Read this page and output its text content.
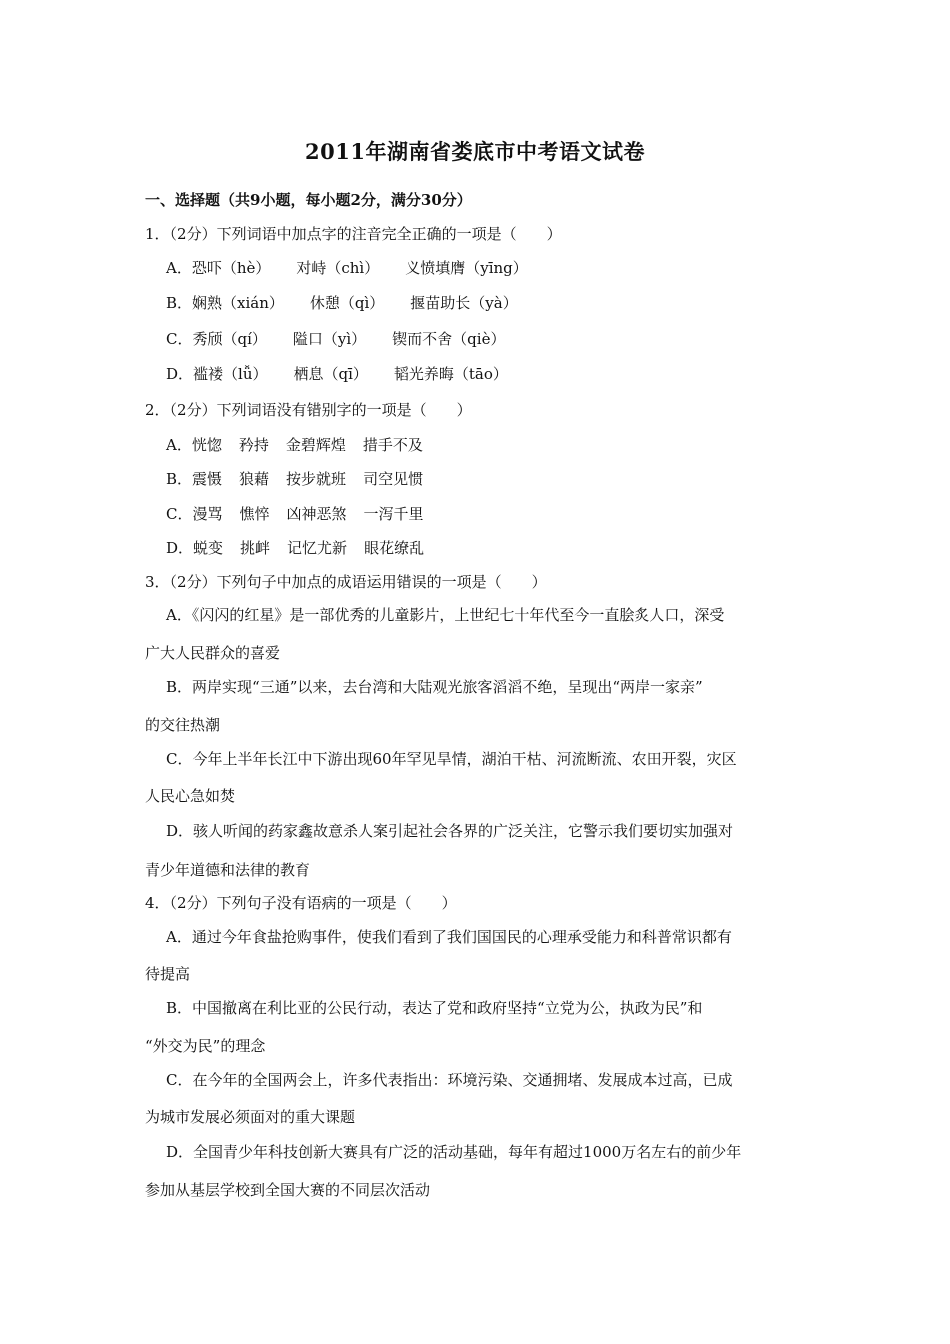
2011年湖南省娄底市中考语文试卷
一、选择题（共9小题，每小题2分，满分30分）
1．（2分）下列词语中加点字的注音完全正确的一项是（　　）
A．恐吓（hè） 对峙（chì） 义愤填膺（yīng）
B．娴熟（xián） 休憩（qì） 揠苗助长（yà）
C．秀颀（qí） 隘口（yì） 锲而不舍（qiè）
D．褴褛（lǚ） 栖息（qī） 韬光养晦（tāo）
2．（2分）下列词语没有错别字的一项是（　　）
A．恍惚 矜持 金碧辉煌 措手不及
B．震慑 狼藉 按步就班 司空见惯
C．漫骂 憔悴 凶神恶煞 一泻千里
D．蜕变 挑衅 记忆尤新 眼花缭乱
3．（2分）下列句子中加点的成语运用错误的一项是（　　）
A．《闪闪的红星》是一部优秀的儿童影片，上世纪七十年代至今一直脍炙人口，深受
广大人民群众的喜爱
B．两岸实现“三通”以来，去台湾和大陆观光旅客滔滔不绝，呈现出“两岸一家亲”
的交往热潮
C．今年上半年长江中下游出现60年罕见旱情，湖泊干枯、河流断流、农田开裂，灾区
人民心急如焚
D．骇人听闻的药家鑫故意杀人案引起社会各界的广泛关注，它警示我们要切实加强对
青少年道德和法律的教育
4．（2分）下列句子没有语病的一项是（　　）
A．通过今年食盐抢购事件，使我们看到了我们国国民的心理承受能力和科普常识都有
待提高
B．中国撤离在利比亚的公民行动，表达了党和政府坚持“立党为公，执政为民”和
“外交为民”的理念
C．在今年的全国两会上，许多代表指出：环境污染、交通拥堵、发展成本过高，已成
为城市发展必须面对的重大课题
D．全国青少年科技创新大赛具有广泛的活动基础，每年有超过1000万名左右的前少年
参加从基层学校到全国大赛的不同层次活动
